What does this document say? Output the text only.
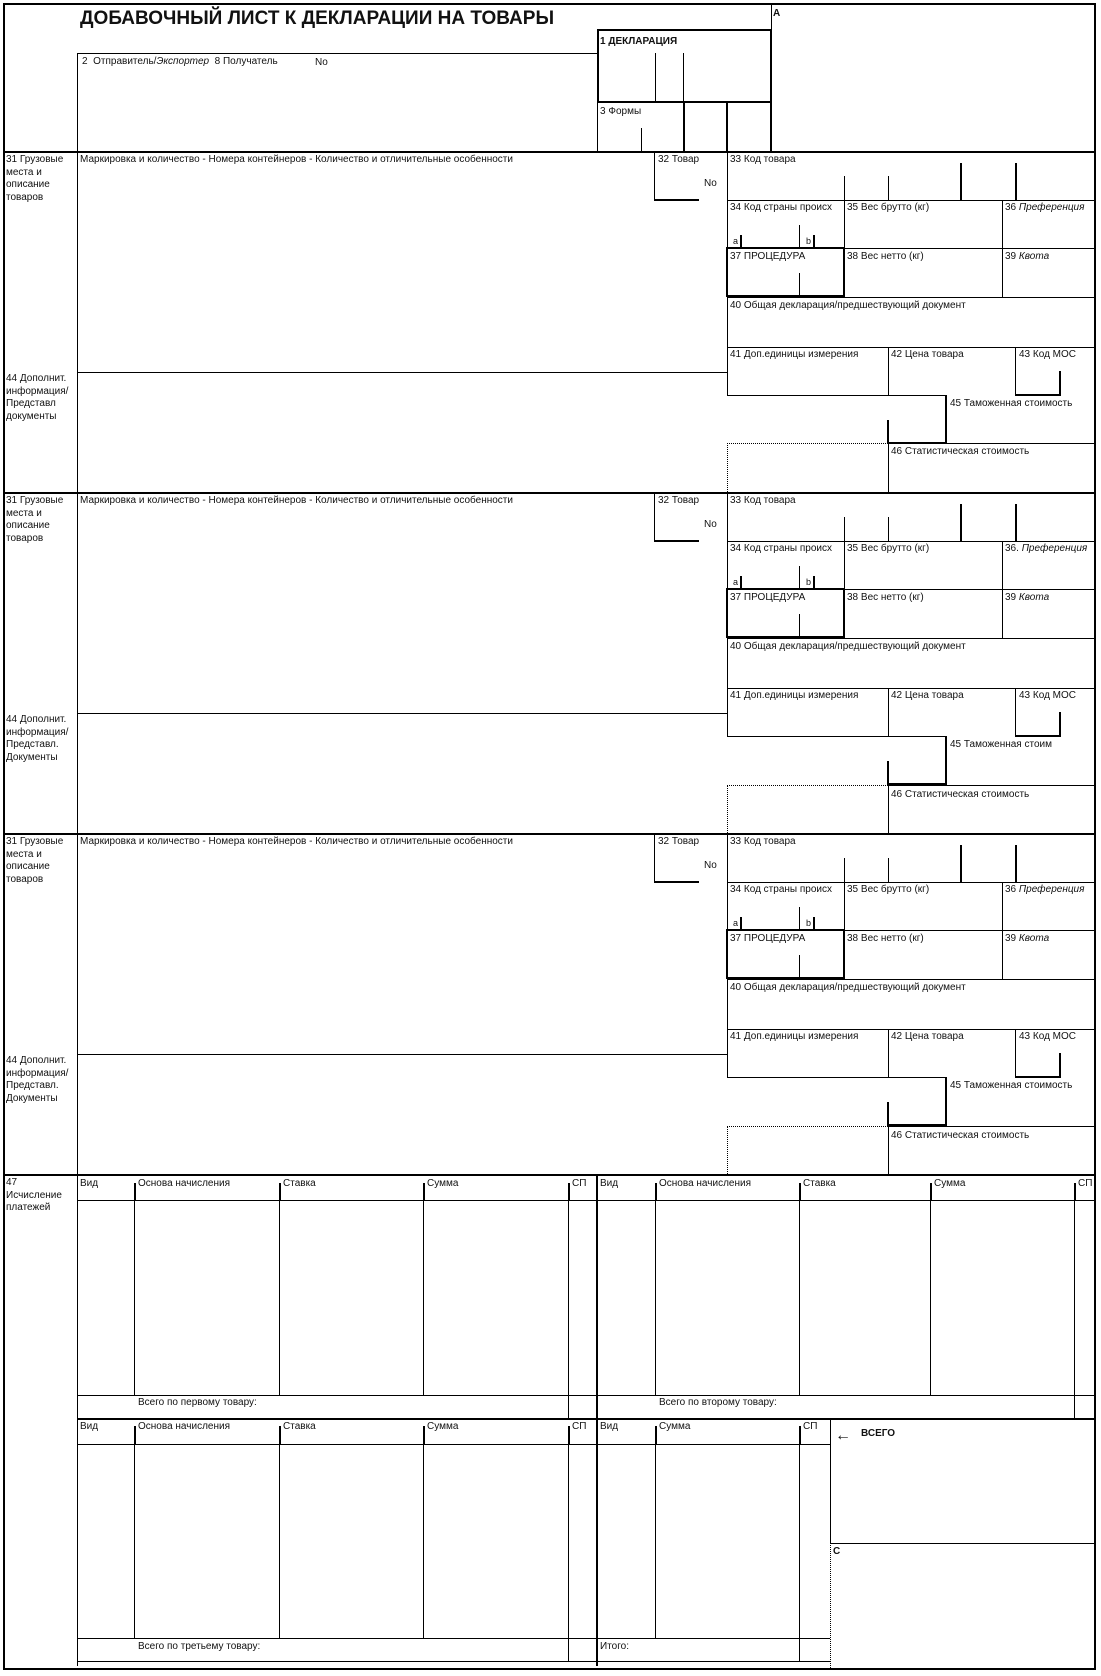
ДОБАВОЧНЫЙ ЛИСТ К ДЕКЛАРАЦИИ НА ТОВАРЫ	A
1 ДЕКЛАРАЦИЯ
2 Отправитель/Экспортер 8 Получатель	No
3 Формы
31 Грузовые
места и
описание
товаров
Маркировка и количество - Номера контейнеров - Количество и отличительные особенности	32 Товар
No
33 Код товара
34 Код страны происх
a	b
35 Вес брутто (кг)	36 Преференция
37 ПРОЦЕДУРА	38 Вес нетто (кг)	39 Квота
40 Общая декларация/предшествующий документ
41 Доп.единицы измерения	42 Цена товара	43 Код МОС
44 Дополнит.
информация/
Представл
документы
45 Таможенная стоимость
46 Статистическая стоимость
31 Грузовые
места и
описание
товаров
Маркировка и количество - Номера контейнеров - Количество и отличительные особенности	32 Товар
No
33 Код товара
34 Код страны происх
a	b
35 Вес брутто (кг)	36. Преференция
37 ПРОЦЕДУРА	38 Вес нетто (кг)	39 Квота
40 Общая декларация/предшествующий документ
41 Доп.единицы измерения	42 Цена товара	43 Код МОС
44 Дополнит.
информация/
Представл.
Документы
45 Таможенная стоим
46 Статистическая стоимость
31 Грузовые
места и
описание
товаров
Маркировка и количество - Номера контейнеров - Количество и отличительные особенности	32 Товар
No
33 Код товара
34 Код страны происх
a	b
35 Вес брутто (кг)	36 Преференция
37 ПРОЦЕДУРА	38 Вес нетто (кг)	39 Квота
40 Общая декларация/предшествующий документ
41 Доп.единицы измерения	42 Цена товара	43 Код МОС
44 Дополнит.
информация/
Представл.
Документы
45 Таможенная стоимость
46 Статистическая стоимость
47
Исчисление
платежей
Вид	Основа начисления	Ставка	Сумма	СП
Всего по первому товару:
Вид	Основа начисления	Ставка	Сумма	СП
Всего по второму товару:
Вид	Основа начисления	Ставка	Сумма	СП
Всего по третьему товару:
Вид	Сумма	СП
Итого:
← ВСЕГО
C
